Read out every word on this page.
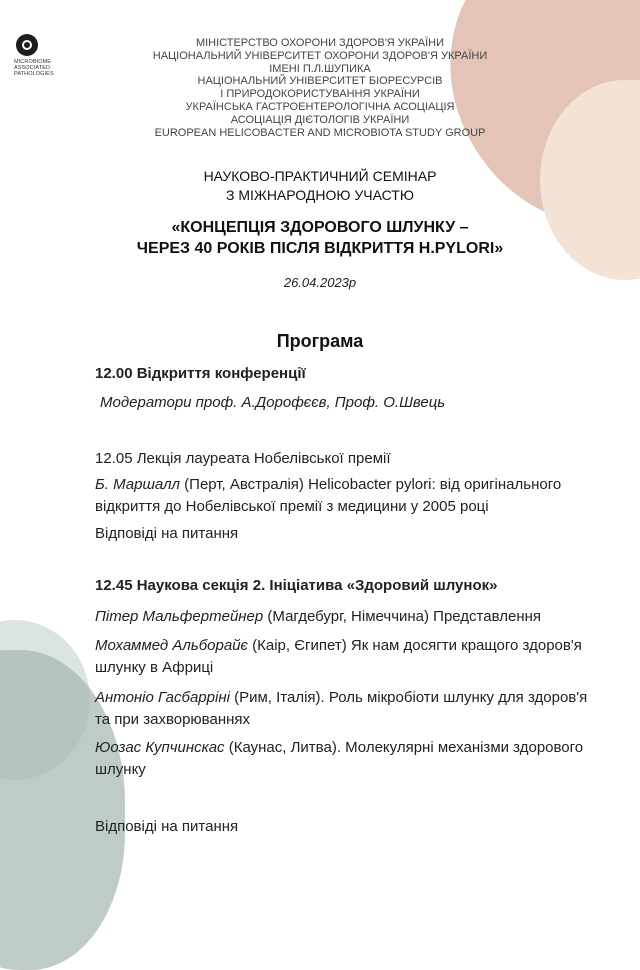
MICROBIOME
ASSOCIATED
PATHOLOGIES
МІНІСТЕРСТВО ОХОРОНИ ЗДОРОВ'Я УКРАЇНИ
НАЦІОНАЛЬНИЙ УНІВЕРСИТЕТ ОХОРОНИ ЗДОРОВ'Я УКРАЇНИ
ІМЕНІ П.Л.ШУПИКА
НАЦІОНАЛЬНИЙ УНІВЕРСИТЕТ БІОРЕСУРСІВ
І ПРИРОДОКОРИСТУВАННЯ УКРАЇНИ
УКРАЇНСЬКА ГАСТРОЕНТЕРОЛОГІЧНА АСОЦІАЦІЯ
АСОЦІАЦІЯ ДІЄТОЛОГІВ УКРАЇНИ
EUROPEAN HELICOBACTER AND MICROBIOTA STUDY GROUP
НАУКОВО-ПРАКТИЧНИЙ СЕМІНАР
З МІЖНАРОДНОЮ УЧАСТЮ
«КОНЦЕПЦІЯ ЗДОРОВОГО ШЛУНКУ –
ЧЕРЕЗ 40 РОКІВ ПІСЛЯ ВІДКРИТТЯ H.PYLORI»
26.04.2023р
Програма
12.00 Відкриття конференції
Модератори проф. А.Дорофєєв, Проф. О.Швець
12.05 Лекція лауреата Нобелівської премії
Б. Маршалл (Перт, Австралія) Helicobacter pylori: від оригінального відкриття до Нобелівської премії з медицини у 2005 році
Відповіді на питання
12.45 Наукова секція 2. Ініціатива «Здоровий шлунок»
Пітер Мальфертейнер (Магдебург, Німеччина) Представлення
Мохаммед Альборайє (Каір, Єгипет) Як нам досягти кращого здоров'я шлунку в Африці
Антоніо Гасбарріні (Рим, Італія). Роль мікробіоти шлунку для здоров'я та при захворюваннях
Юозас Купчинскас (Каунас, Литва). Молекулярні механізми здорового шлунку
Відповіді на питання
